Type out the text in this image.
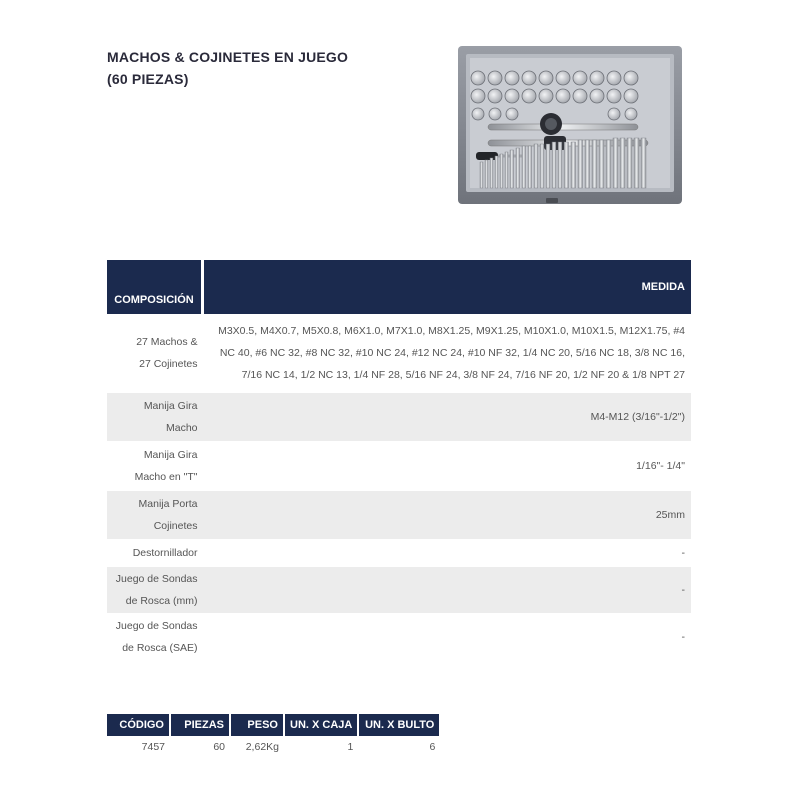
MACHOS & COJINETES EN JUEGO
(60 PIEZAS)
COMPOSICIÓN	MEDIDA
27 Machos &
27 Cojinetes	M3X0.5, M4X0.7, M5X0.8, M6X1.0, M7X1.0, M8X1.25, M9X1.25, M10X1.0, M10X1.5, M12X1.75, #4 NC 40, #6 NC 32, #8 NC 32, #10 NC 24, #12 NC 24, #10 NF 32, 1/4 NC 20, 5/16 NC 18, 3/8 NC 16, 7/16 NC 14, 1/2 NC 13, 1/4 NF 28, 5/16 NF 24, 3/8 NF 24, 7/16 NF 20, 1/2 NF 20 & 1/8 NPT 27
Manija Gira
Macho	M4-M12 (3/16"-1/2")
Manija Gira
Macho en "T"	1/16"- 1/4"
Manija Porta
Cojinetes	25mm
Destornillador	-
Juego de Sondas
de Rosca (mm)	-
Juego de Sondas
de Rosca (SAE)	-
CÓDIGO	PIEZAS	PESO	UN. X CAJA	UN. X BULTO
7457	60	2,62Kg	1	6
